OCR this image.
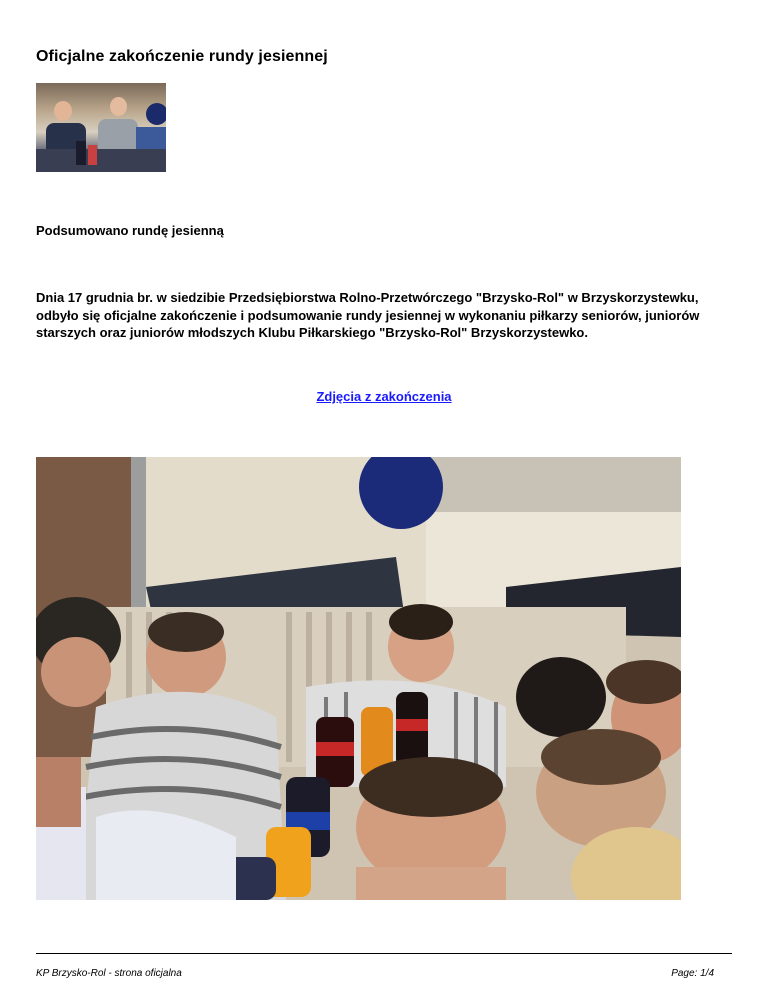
Oficjalne zakończenie rundy jesiennej
Podsumowano rundę jesienną

Dnia 17 grudnia br. w siedzibie Przedsiębiorstwa Rolno-Przetwórczego "Brzysko-Rol" w Brzyskorzystewku, odbyło się oficjalne zakończenie i podsumowanie rundy jesiennej w wykonaniu piłkarzy seniorów, juniorów starszych oraz juniorów młodszych Klubu Piłkarskiego "Brzysko-Rol" Brzyskorzystewko.

Zdjęcia z zakończenia
KP Brzysko-Rol - strona oficjalna	Page: 1/4
